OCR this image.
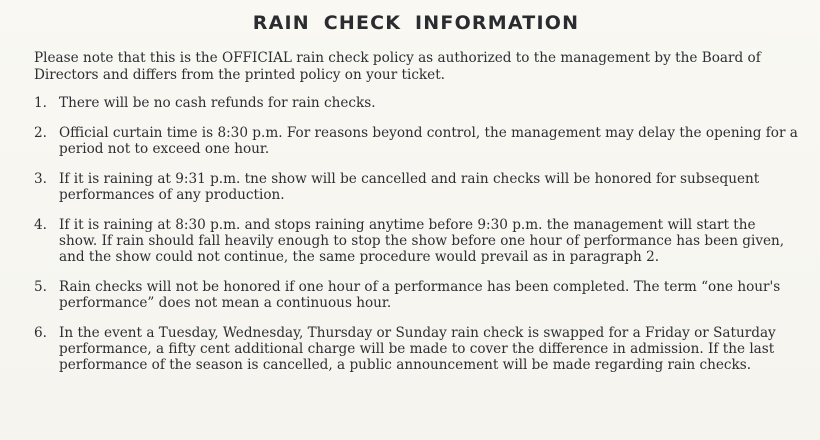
RAIN CHECK INFORMATION

Please note that this is the OFFICIAL rain check policy as authorized to the management by the Board of Directors and differs from the printed policy on your ticket.

1. There will be no cash refunds for rain checks.
2. Official curtain time is 8:30 p.m. For reasons beyond control, the management may delay the opening for a period not to exceed one hour.
3. If it is raining at 9:31 p.m. tne show will be cancelled and rain checks will be honored for subsequent performances of any production.
4. If it is raining at 8:30 p.m. and stops raining anytime before 9:30 p.m. the management will start the show. If rain should fall heavily enough to stop the show before one hour of performance has been given, and the show could not continue, the same procedure would prevail as in paragraph 2.
5. Rain checks will not be honored if one hour of a performance has been completed. The term “one hour's performance” does not mean a continuous hour.
6. In the event a Tuesday, Wednesday, Thursday or Sunday rain check is swapped for a Friday or Saturday performance, a fifty cent additional charge will be made to cover the difference in admission. If the last performance of the season is cancelled, a public announcement will be made regarding rain checks.
